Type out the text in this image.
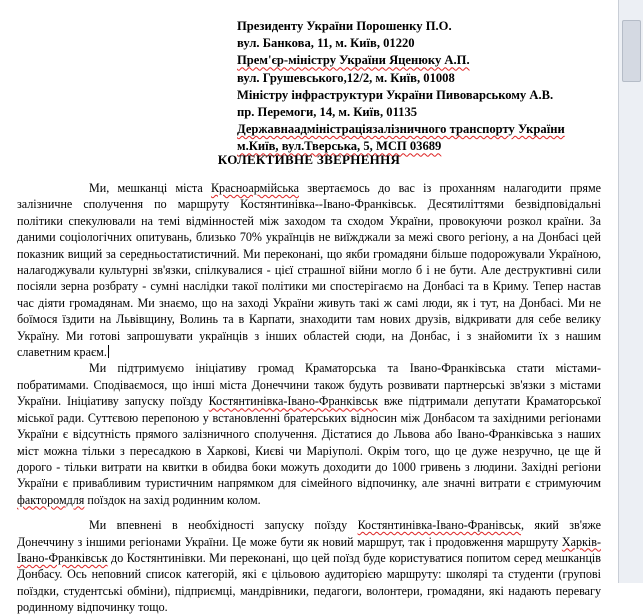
Президенту України Порошенку П.О.
вул. Банкова, 11, м. Київ, 01220
Прем'єр-міністру України Яценюку А.П.
вул. Грушевського,12/2, м. Київ, 01008
Міністру інфраструктури України Пивоварському А.В.
пр. Перемоги, 14, м. Київ, 01135
Державнаадміністраціязалізничного транспорту України
м.Київ, вул.Тверська, 5, МСП 03689
КОЛЕКТИВНЕ ЗВЕРНЕННЯ

Ми, мешканці міста Красноармійська звертаємось до вас із проханням налагодити пряме залізничне сполучення по маршруту Костянтинівка--Івано-Франківськ. Десятиліттями безвідповідальні політики спекулювали на темі відмінностей між заходом та сходом України, провокуючи розкол країни. За даними соціологічних опитувань, близько 70% українців не виїжджали за межі свого регіону, а на Донбасі цей показник вищий за середньостатистичний. Ми переконані, що якби громадяни більше подорожували Україною, налагоджували культурні зв'язки, спілкувалися - цієї страшної війни могло б і не бути. Але деструктивні сили посіяли зерна розбрату - сумні наслідки такої політики ми спостерігаємо на Донбасі та в Криму. Тепер настав час діяти громадянам. Ми знаємо, що на заході України живуть такі ж самі люди, як і тут, на Донбасі. Ми не боїмося їздити на Львівщину, Волинь та в Карпати, знаходити там нових друзів, відкривати для себе велику Україну. Ми готові запрошувати українців з інших областей сюди, на Донбас, і з знайомити їх з нашим славетним краєм.

Ми підтримуємо ініціативу громад Краматорська та Івано-Франківська стати містами-побратимами. Сподіваємося, що інші міста Донеччини також будуть розвивати партнерські зв'язки з містами України. Ініціативу запуску поїзду Костянтинівка-Івано-Франківськ вже підтримали депутати Краматорської міської ради. Суттєвою перепоною у встановленні братерських відносин між Донбасом та західними регіонами України є відсутність прямого залізничного сполучення. Дістатися до Львова або Івано-Франківська з наших міст можна тільки з пересадкою в Харкові, Києві чи Маріуполі. Окрім того, що це дуже незручно, це ще й дорого - тільки витрати на квитки в обидва боки можуть доходити до 1000 гривень з людини. Західні регіони України є привабливим туристичним напрямком для сімейного відпочинку, але значні витрати є стримуючим факторомдля поїздок на захід родинним колом.

Ми впевнені в необхідності запуску поїзду Костянтинівка-Івано-Франівськ, який зв'яже Донеччину з іншими регіонами України. Це може бути як новий маршрут, так і продовження маршруту Харків-Івано-Франківськ до Костянтинівки. Ми переконані, що цей поїзд буде користуватися попитом серед мешканців Донбасу. Ось неповний список категорій, які є цільовою аудиторією маршруту: школярі та студенти (групові поїздки, студентські обміни), підприємці, мандрівники, педагоги, волонтери, громадяни, які надають перевагу родинному відпочинку тощо.
